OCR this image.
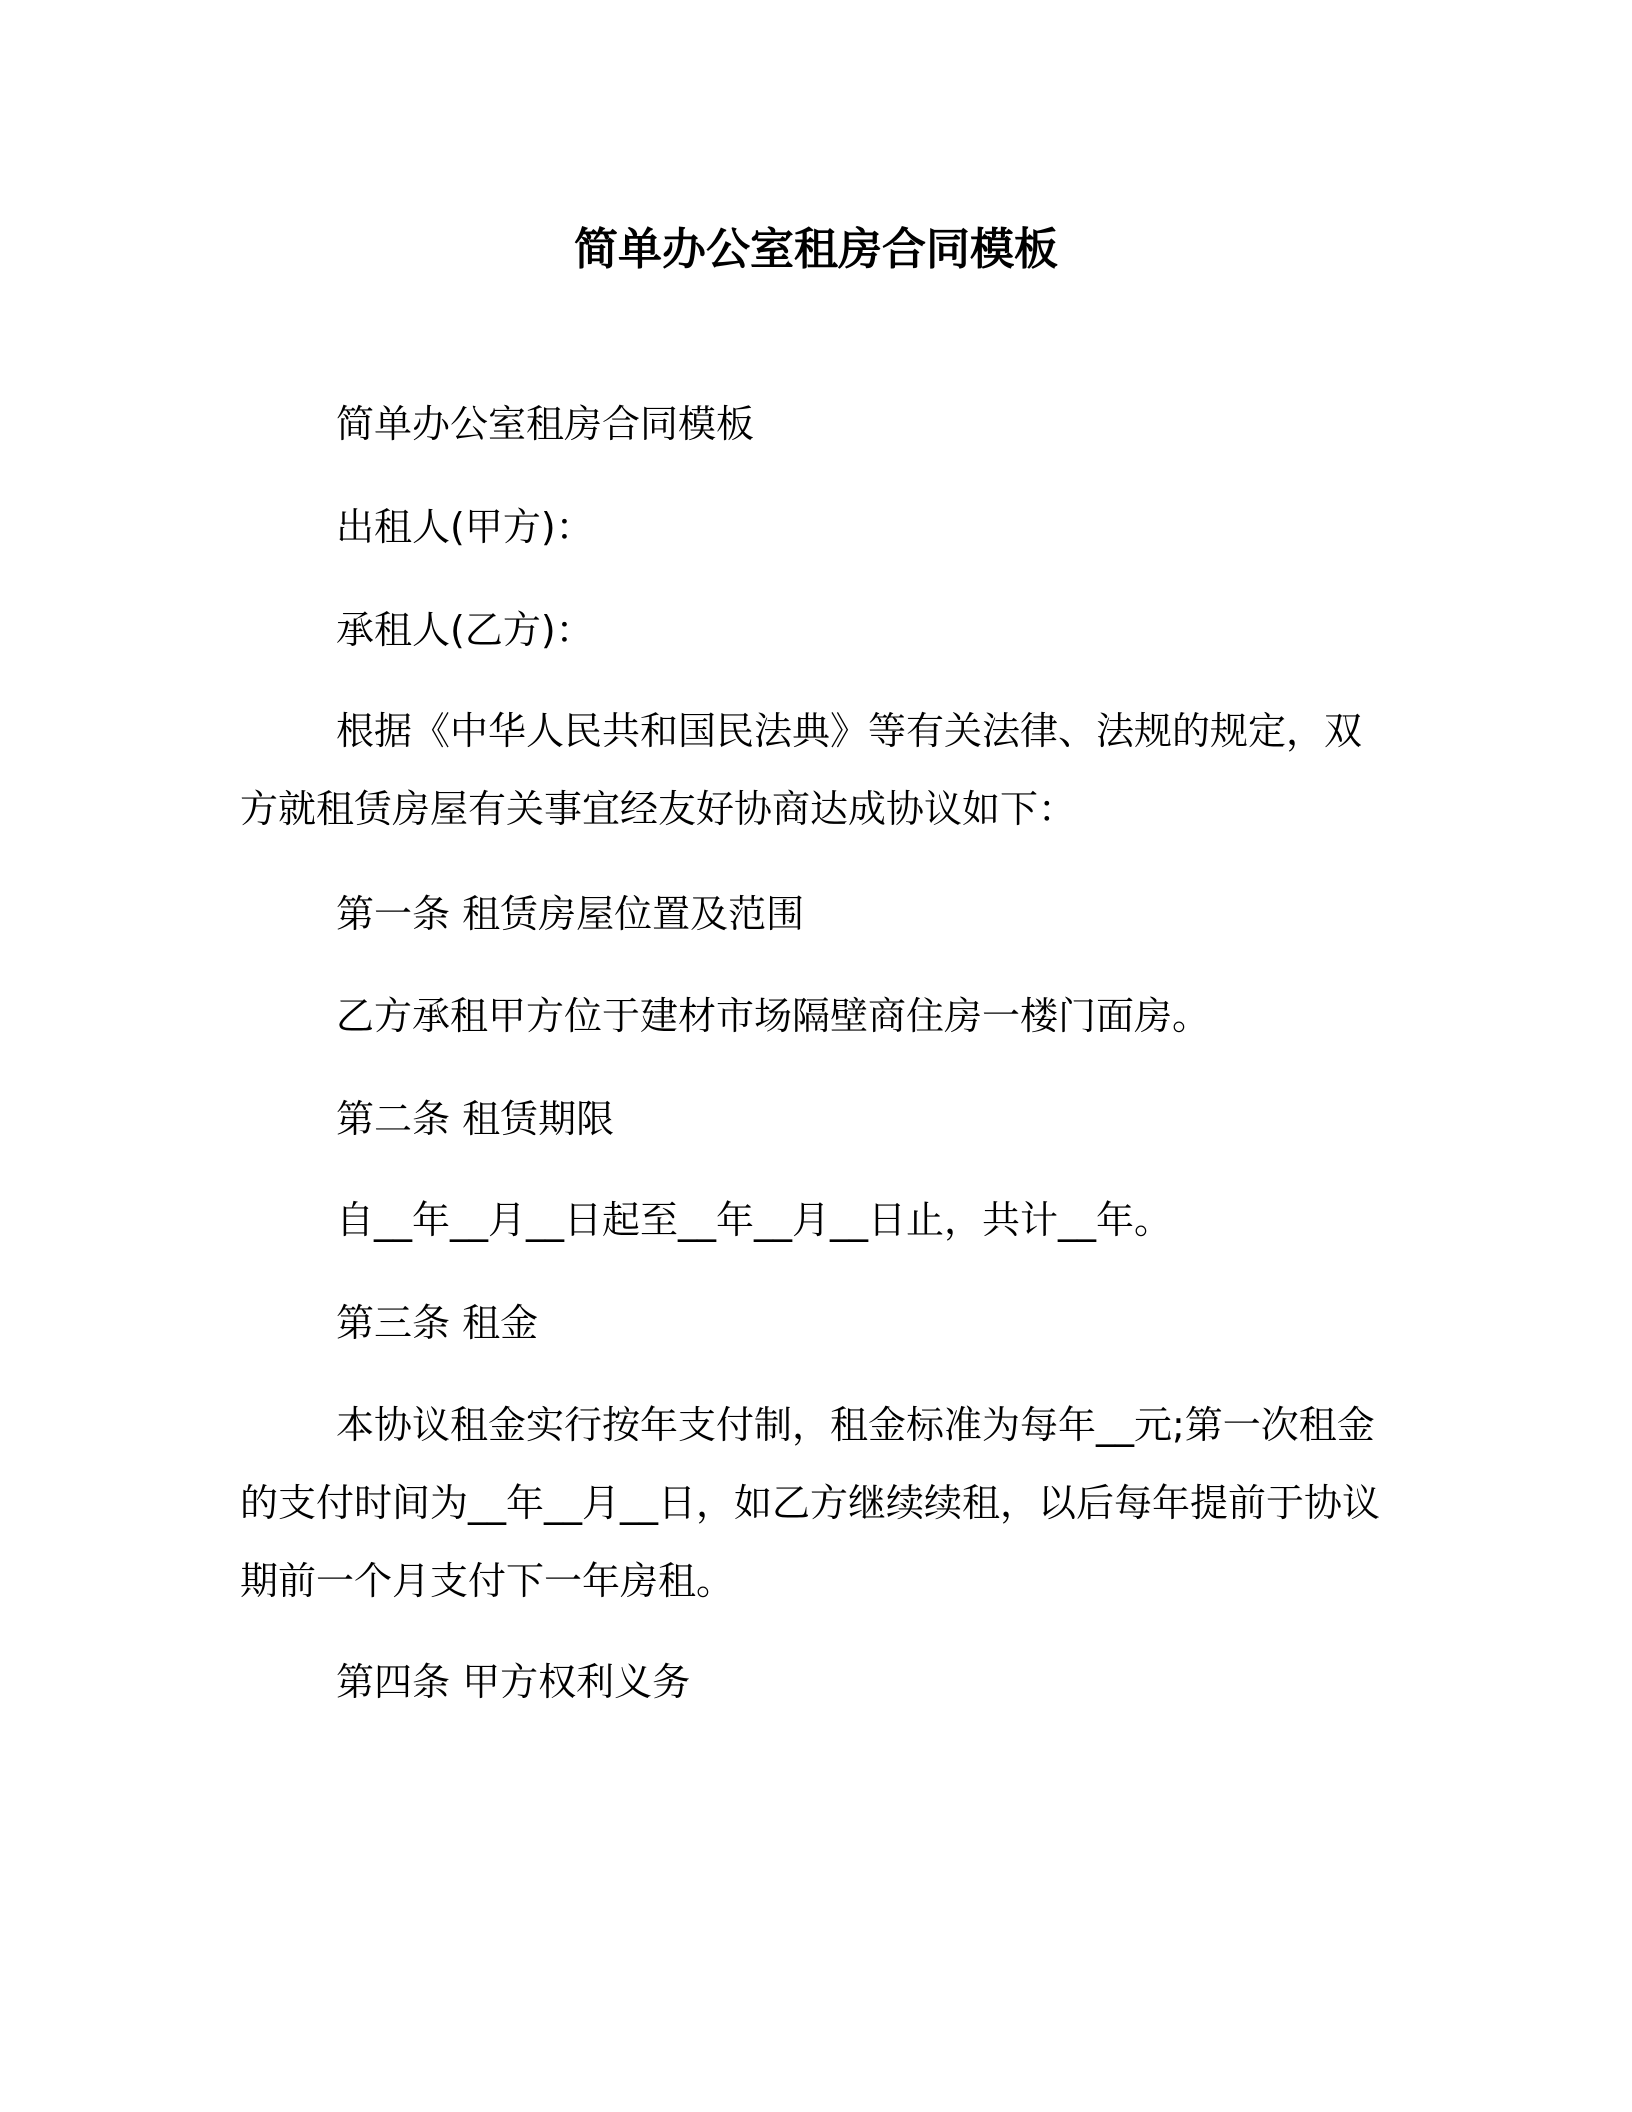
简单办公室租房合同模板

简单办公室租房合同模板

出租人(甲方)：

承租人(乙方)：

根据《中华人民共和国民法典》等有关法律、法规的规定，双方就租赁房屋有关事宜经友好协商达成协议如下：

第一条 租赁房屋位置及范围

乙方承租甲方位于建材市场隔壁商住房一楼门面房。

第二条 租赁期限

自__年__月__日起至__年__月__日止，共计__年。

第三条 租金

本协议租金实行按年支付制，租金标准为每年__元;第一次租金的支付时间为__年__月__日，如乙方继续续租，以后每年提前于协议期前一个月支付下一年房租。

第四条 甲方权利义务
